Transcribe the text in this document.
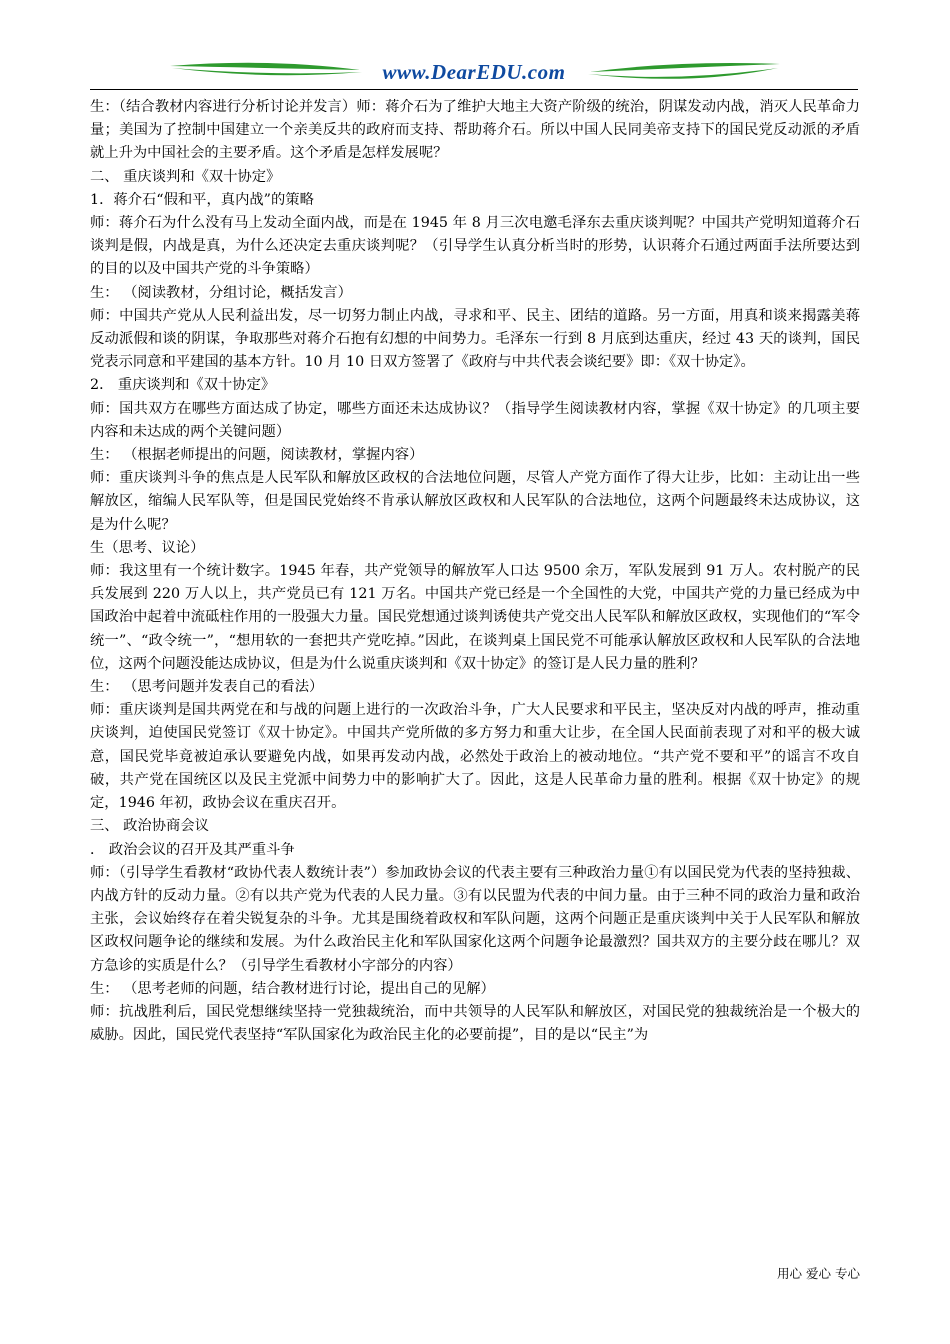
www.DearEDU.com

生：（结合教材内容进行分析讨论并发言）师：蒋介石为了维护大地主大资产阶级的统治，阴谋发动内战，消灭人民革命力量；美国为了控制中国建立一个亲美反共的政府而支持、帮助蒋介石。所以中国人民同美帝支持下的国民党反动派的矛盾就上升为中国社会的主要矛盾。这个矛盾是怎样发展呢？

二、 重庆谈判和《双十协定》

1．蒋介石“假和平，真内战”的策略

师：蒋介石为什么没有马上发动全面内战，而是在 1945 年 8 月三次电邀毛泽东去重庆谈判呢？中国共产党明知道蒋介石谈判是假，内战是真，为什么还决定去重庆谈判呢？（引导学生认真分析当时的形势，认识蒋介石通过两面手法所要达到的目的以及中国共产党的斗争策略）

生： （阅读教材，分组讨论，概括发言）

师：中国共产党从人民利益出发，尽一切努力制止内战，寻求和平、民主、团结的道路。另一方面，用真和谈来揭露美蒋反动派假和谈的阴谋，争取那些对蒋介石抱有幻想的中间势力。毛泽东一行到 8 月底到达重庆，经过 43 天的谈判，国民党表示同意和平建国的基本方针。10 月 10 日双方签署了《政府与中共代表会谈纪要》即：《双十协定》。

2． 重庆谈判和《双十协定》

师：国共双方在哪些方面达成了协定，哪些方面还未达成协议？（指导学生阅读教材内容，掌握《双十协定》的几项主要内容和未达成的两个关键问题）

生： （根据老师提出的问题，阅读教材，掌握内容）

师：重庆谈判斗争的焦点是人民军队和解放区政权的合法地位问题，尽管人产党方面作了得大让步，比如：主动让出一些解放区，缩编人民军队等，但是国民党始终不肯承认解放区政权和人民军队的合法地位，这两个问题最终未达成协议，这是为什么呢？

生（思考、议论）

师：我这里有一个统计数字。1945 年春，共产党领导的解放军人口达 9500 余万，军队发展到 91 万人。农村脱产的民兵发展到 220 万人以上，共产党员已有 121 万名。中国共产党已经是一个全国性的大党，中国共产党的力量已经成为中国政治中起着中流砥柱作用的一股强大力量。国民党想通过谈判诱使共产党交出人民军队和解放区政权，实现他们的“军令统一”、“政令统一”，“想用软的一套把共产党吃掉。”因此，在谈判桌上国民党不可能承认解放区政权和人民军队的合法地位，这两个问题没能达成协议，但是为什么说重庆谈判和《双十协定》的签订是人民力量的胜利？

生： （思考问题并发表自己的看法）

师：重庆谈判是国共两党在和与战的问题上进行的一次政治斗争，广大人民要求和平民主，坚决反对内战的呼声，推动重庆谈判，迫使国民党签订《双十协定》。中国共产党所做的多方努力和重大让步，在全国人民面前表现了对和平的极大诚意，国民党毕竟被迫承认要避免内战，如果再发动内战，必然处于政治上的被动地位。“共产党不要和平”的谣言不攻自破，共产党在国统区以及民主党派中间势力中的影响扩大了。因此，这是人民革命力量的胜利。根据《双十协定》的规定，1946 年初，政协会议在重庆召开。

三、 政治协商会议

． 政治会议的召开及其严重斗争

师：（引导学生看教材“政协代表人数统计表”）参加政协会议的代表主要有三种政治力量①有以国民党为代表的坚持独裁、内战方针的反动力量。②有以共产党为代表的人民力量。③有以民盟为代表的中间力量。由于三种不同的政治力量和政治主张，会议始终存在着尖锐复杂的斗争。尤其是围绕着政权和军队问题，这两个问题正是重庆谈判中关于人民军队和解放区政权问题争论的继续和发展。为什么政治民主化和军队国家化这两个问题争论最激烈？国共双方的主要分歧在哪儿？双方急诊的实质是什么？（引导学生看教材小字部分的内容）

生： （思考老师的问题，结合教材进行讨论，提出自己的见解）

师：抗战胜利后，国民党想继续坚持一党独裁统治，而中共领导的人民军队和解放区，对国民党的独裁统治是一个极大的威胁。因此，国民党代表坚持“军队国家化为政治民主化的必要前提”，目的是以“民主”为

用心 爱心 专心
